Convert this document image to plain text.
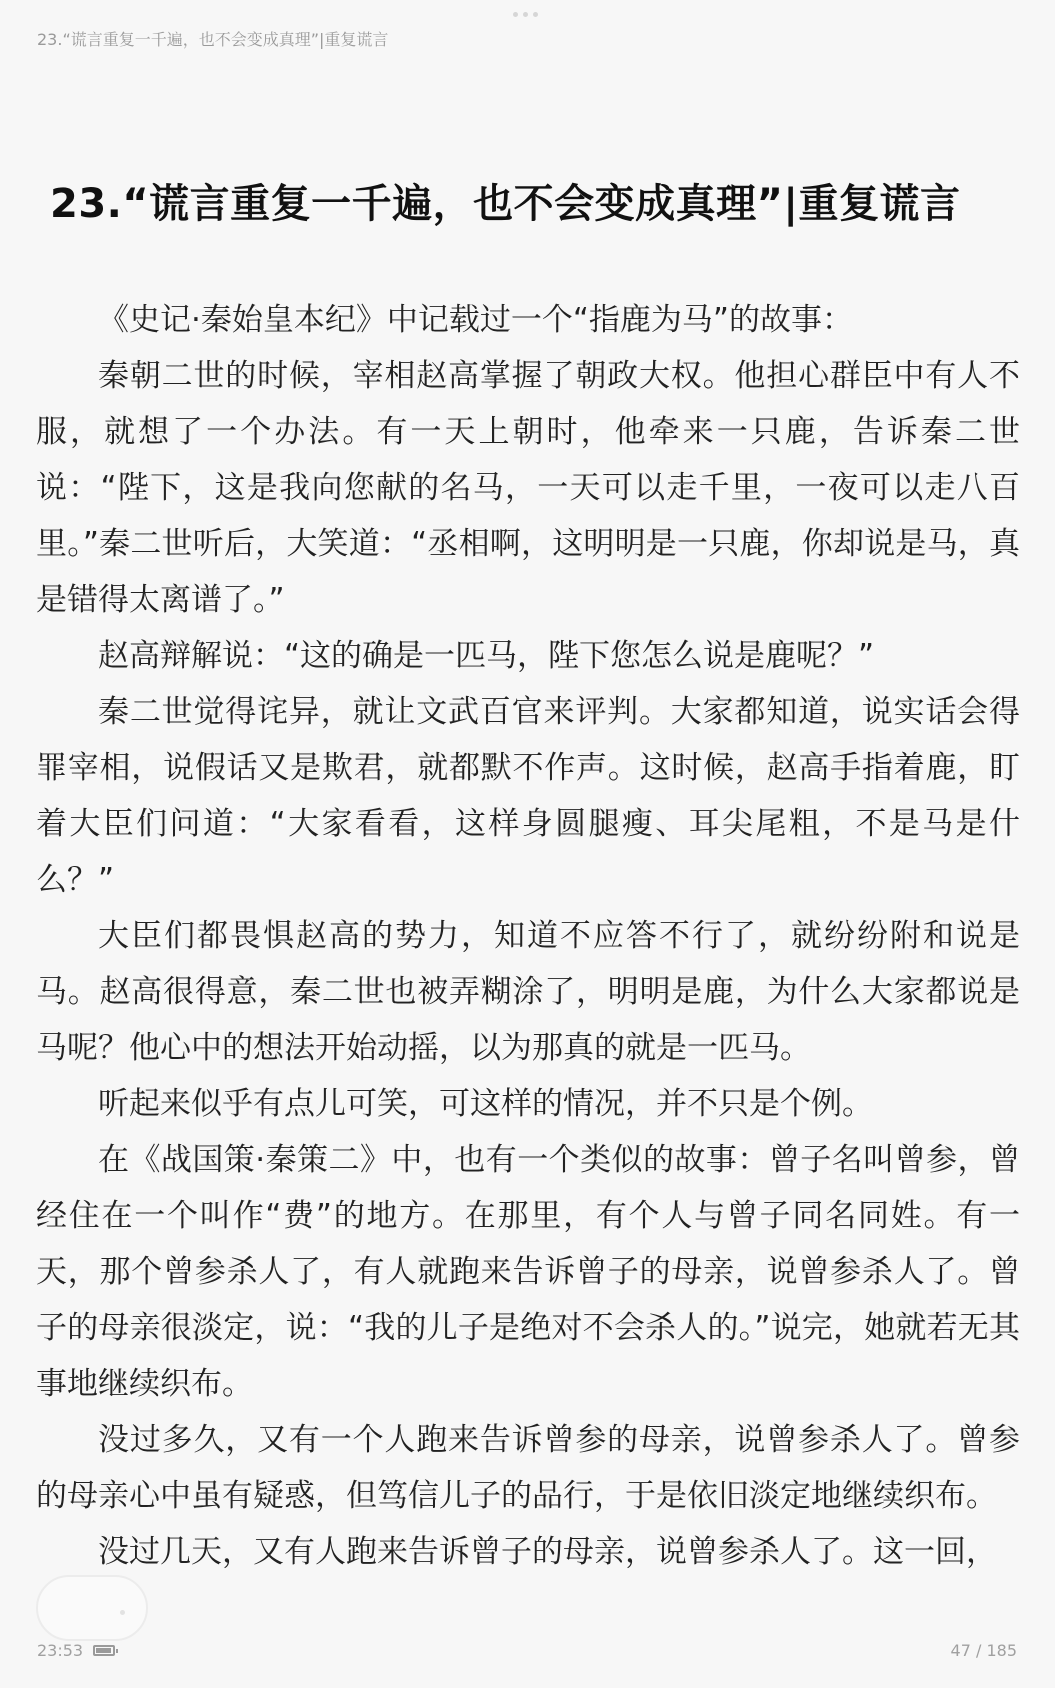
23.“谎言重复一千遍，也不会变成真理”|重复谎言
23.“谎言重复一千遍，也不会变成真理”|重复谎言

《史记·秦始皇本纪》中记载过一个“指鹿为马”的故事：

秦朝二世的时候，宰相赵高掌握了朝政大权。他担心群臣中有人不服，就想了一个办法。有一天上朝时，他牵来一只鹿，告诉秦二世说：“陛下，这是我向您献的名马，一天可以走千里，一夜可以走八百里。”秦二世听后，大笑道：“丞相啊，这明明是一只鹿，你却说是马，真是错得太离谱了。”

赵高辩解说：“这的确是一匹马，陛下您怎么说是鹿呢？”

秦二世觉得诧异，就让文武百官来评判。大家都知道，说实话会得罪宰相，说假话又是欺君，就都默不作声。这时候，赵高手指着鹿，盯着大臣们问道：“大家看看，这样身圆腿瘦、耳尖尾粗，不是马是什么？”

大臣们都畏惧赵高的势力，知道不应答不行了，就纷纷附和说是马。赵高很得意，秦二世也被弄糊涂了，明明是鹿，为什么大家都说是马呢？他心中的想法开始动摇，以为那真的就是一匹马。

听起来似乎有点儿可笑，可这样的情况，并不只是个例。

在《战国策·秦策二》中，也有一个类似的故事：曾子名叫曾参，曾经住在一个叫作“费”的地方。在那里，有个人与曾子同名同姓。有一天，那个曾参杀人了，有人就跑来告诉曾子的母亲，说曾参杀人了。曾子的母亲很淡定，说：“我的儿子是绝对不会杀人的。”说完，她就若无其事地继续织布。

没过多久，又有一个人跑来告诉曾参的母亲，说曾参杀人了。曾参的母亲心中虽有疑惑，但笃信儿子的品行，于是依旧淡定地继续织布。

没过几天，又有人跑来告诉曾子的母亲，说曾参杀人了。这一回，

23:53	47 / 185
